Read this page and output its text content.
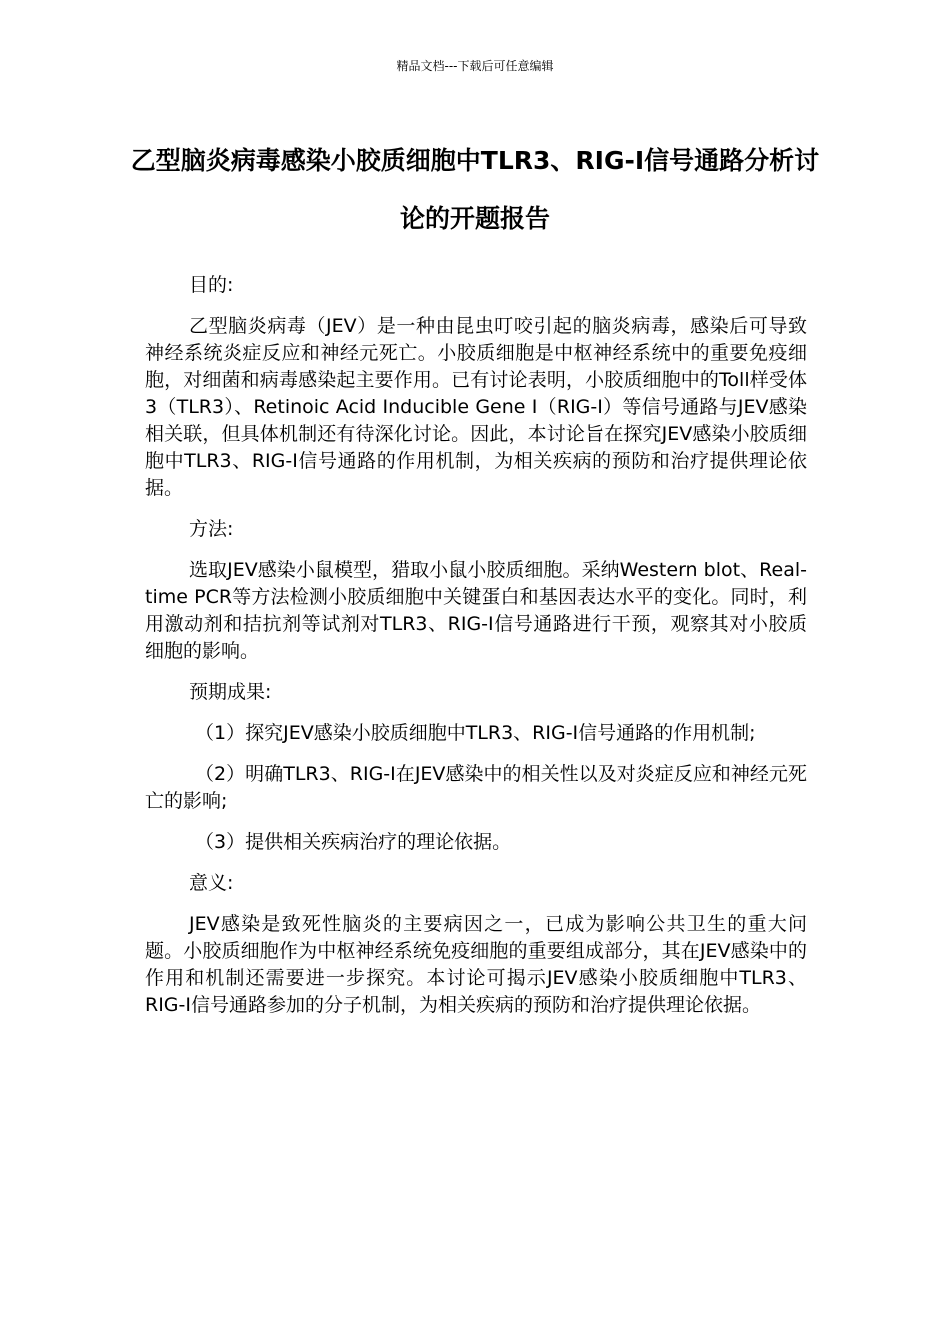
精品文档---下载后可任意编辑
乙型脑炎病毒感染小胶质细胞中TLR3、RIG-I信号通路分析讨论的开题报告

目的:

乙型脑炎病毒（JEV）是一种由昆虫叮咬引起的脑炎病毒，感染后可导致神经系统炎症反应和神经元死亡。小胶质细胞是中枢神经系统中的重要免疫细胞，对细菌和病毒感染起主要作用。已有讨论表明，小胶质细胞中的Toll样受体3（TLR3）、Retinoic Acid Inducible Gene I（RIG-I）等信号通路与JEV感染相关联，但具体机制还有待深化讨论。因此，本讨论旨在探究JEV感染小胶质细胞中TLR3、RIG-I信号通路的作用机制，为相关疾病的预防和治疗提供理论依据。

方法:

选取JEV感染小鼠模型，猎取小鼠小胶质细胞。采纳Western blot、Real-time PCR等方法检测小胶质细胞中关键蛋白和基因表达水平的变化。同时，利用激动剂和拮抗剂等试剂对TLR3、RIG-I信号通路进行干预，观察其对小胶质细胞的影响。

预期成果:

（1）探究JEV感染小胶质细胞中TLR3、RIG-I信号通路的作用机制;

（2）明确TLR3、RIG-I在JEV感染中的相关性以及对炎症反应和神经元死亡的影响;

（3）提供相关疾病治疗的理论依据。

意义:

JEV感染是致死性脑炎的主要病因之一，已成为影响公共卫生的重大问题。小胶质细胞作为中枢神经系统免疫细胞的重要组成部分，其在JEV感染中的作用和机制还需要进一步探究。本讨论可揭示JEV感染小胶质细胞中TLR3、RIG-I信号通路参加的分子机制，为相关疾病的预防和治疗提供理论依据。
